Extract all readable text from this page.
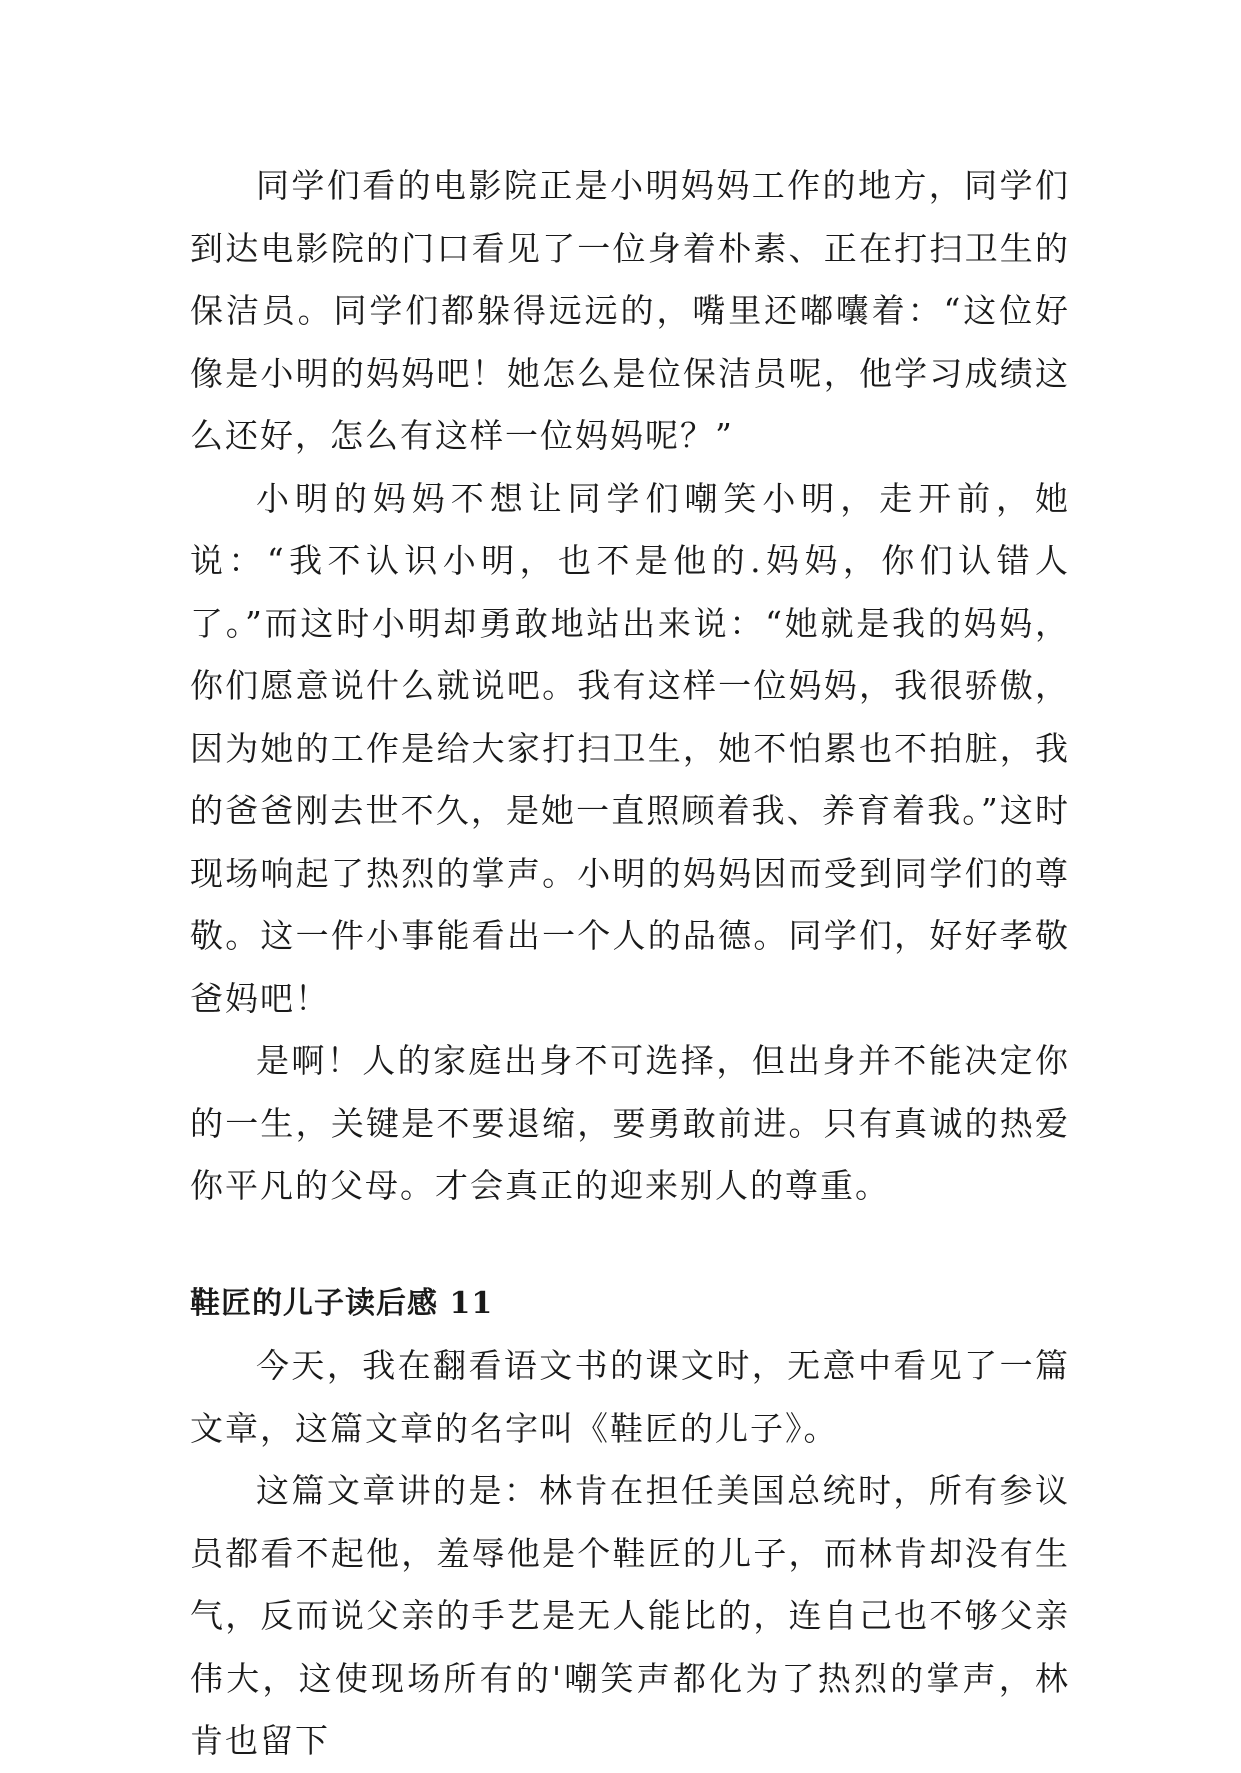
同学们看的电影院正是小明妈妈工作的地方，同学们到达电影院的门口看见了一位身着朴素、正在打扫卫生的保洁员。同学们都躲得远远的，嘴里还嘟囔着：“这位好像是小明的妈妈吧！她怎么是位保洁员呢，他学习成绩这么还好，怎么有这样一位妈妈呢？”

小明的妈妈不想让同学们嘲笑小明，走开前，她说：“我不认识小明，也不是他的.妈妈，你们认错人了。”而这时小明却勇敢地站出来说：“她就是我的妈妈，你们愿意说什么就说吧。我有这样一位妈妈，我很骄傲，因为她的工作是给大家打扫卫生，她不怕累也不拍脏，我的爸爸刚去世不久，是她一直照顾着我、养育着我。”这时现场响起了热烈的掌声。小明的妈妈因而受到同学们的尊敬。这一件小事能看出一个人的品德。同学们，好好孝敬爸妈吧！

是啊！人的家庭出身不可选择，但出身并不能决定你的一生，关键是不要退缩，要勇敢前进。只有真诚的热爱你平凡的父母。才会真正的迎来别人的尊重。

鞋匠的儿子读后感 11

今天，我在翻看语文书的课文时，无意中看见了一篇文章，这篇文章的名字叫《鞋匠的儿子》。

这篇文章讲的是：林肯在担任美国总统时，所有参议员都看不起他，羞辱他是个鞋匠的儿子，而林肯却没有生气，反而说父亲的手艺是无人能比的，连自己也不够父亲伟大，这使现场所有的'嘲笑声都化为了热烈的掌声，林肯也留下
